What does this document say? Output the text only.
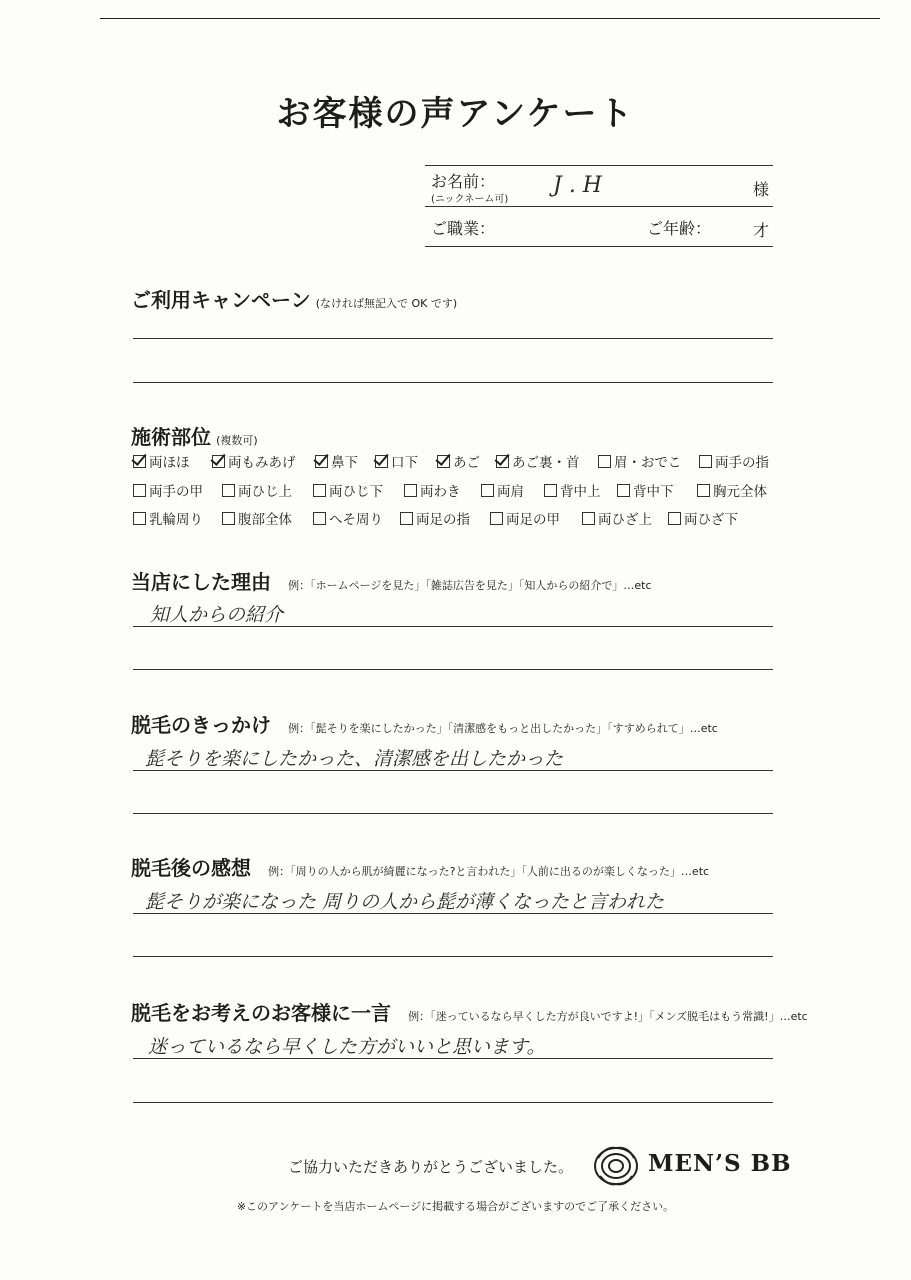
お客様の声アンケート
お名前：
(ニックネーム可)
J . H	様
ご職業：	ご年齢：	才
ご利用キャンペーン (なければ無記入で OK です)
施術部位 (複数可)
両ほほ	両もみあげ	鼻下	口下	あご	あご裏・首	眉・おでこ	両手の指
両手の甲	両ひじ上	両ひじ下	両わき	両肩	背中上	背中下	胸元全体
乳輪周り	腹部全体	へそ周り	両足の指	両足の甲	両ひざ上	両ひざ下
当店にした理由 例：「ホームページを見た」「雑誌広告を見た」「知人からの紹介で」…etc
知人からの紹介
脱毛のきっかけ 例：「髭そりを楽にしたかった」「清潔感をもっと出したかった」「すすめられて」…etc
髭そりを楽にしたかった、清潔感を出したかった
脱毛後の感想 例：「周りの人から肌が綺麗になった?と言われた」「人前に出るのが楽しくなった」…etc
髭そりが楽になった 周りの人から髭が薄くなったと言われた
脱毛をお考えのお客様に一言 例：「迷っているなら早くした方が良いですよ!」「メンズ脱毛はもう常識!」…etc
迷っているなら早くした方がいいと思います。
ご協力いただきありがとうございました。	MEN’S BB
※このアンケートを当店ホームページに掲載する場合がございますのでご了承ください。
